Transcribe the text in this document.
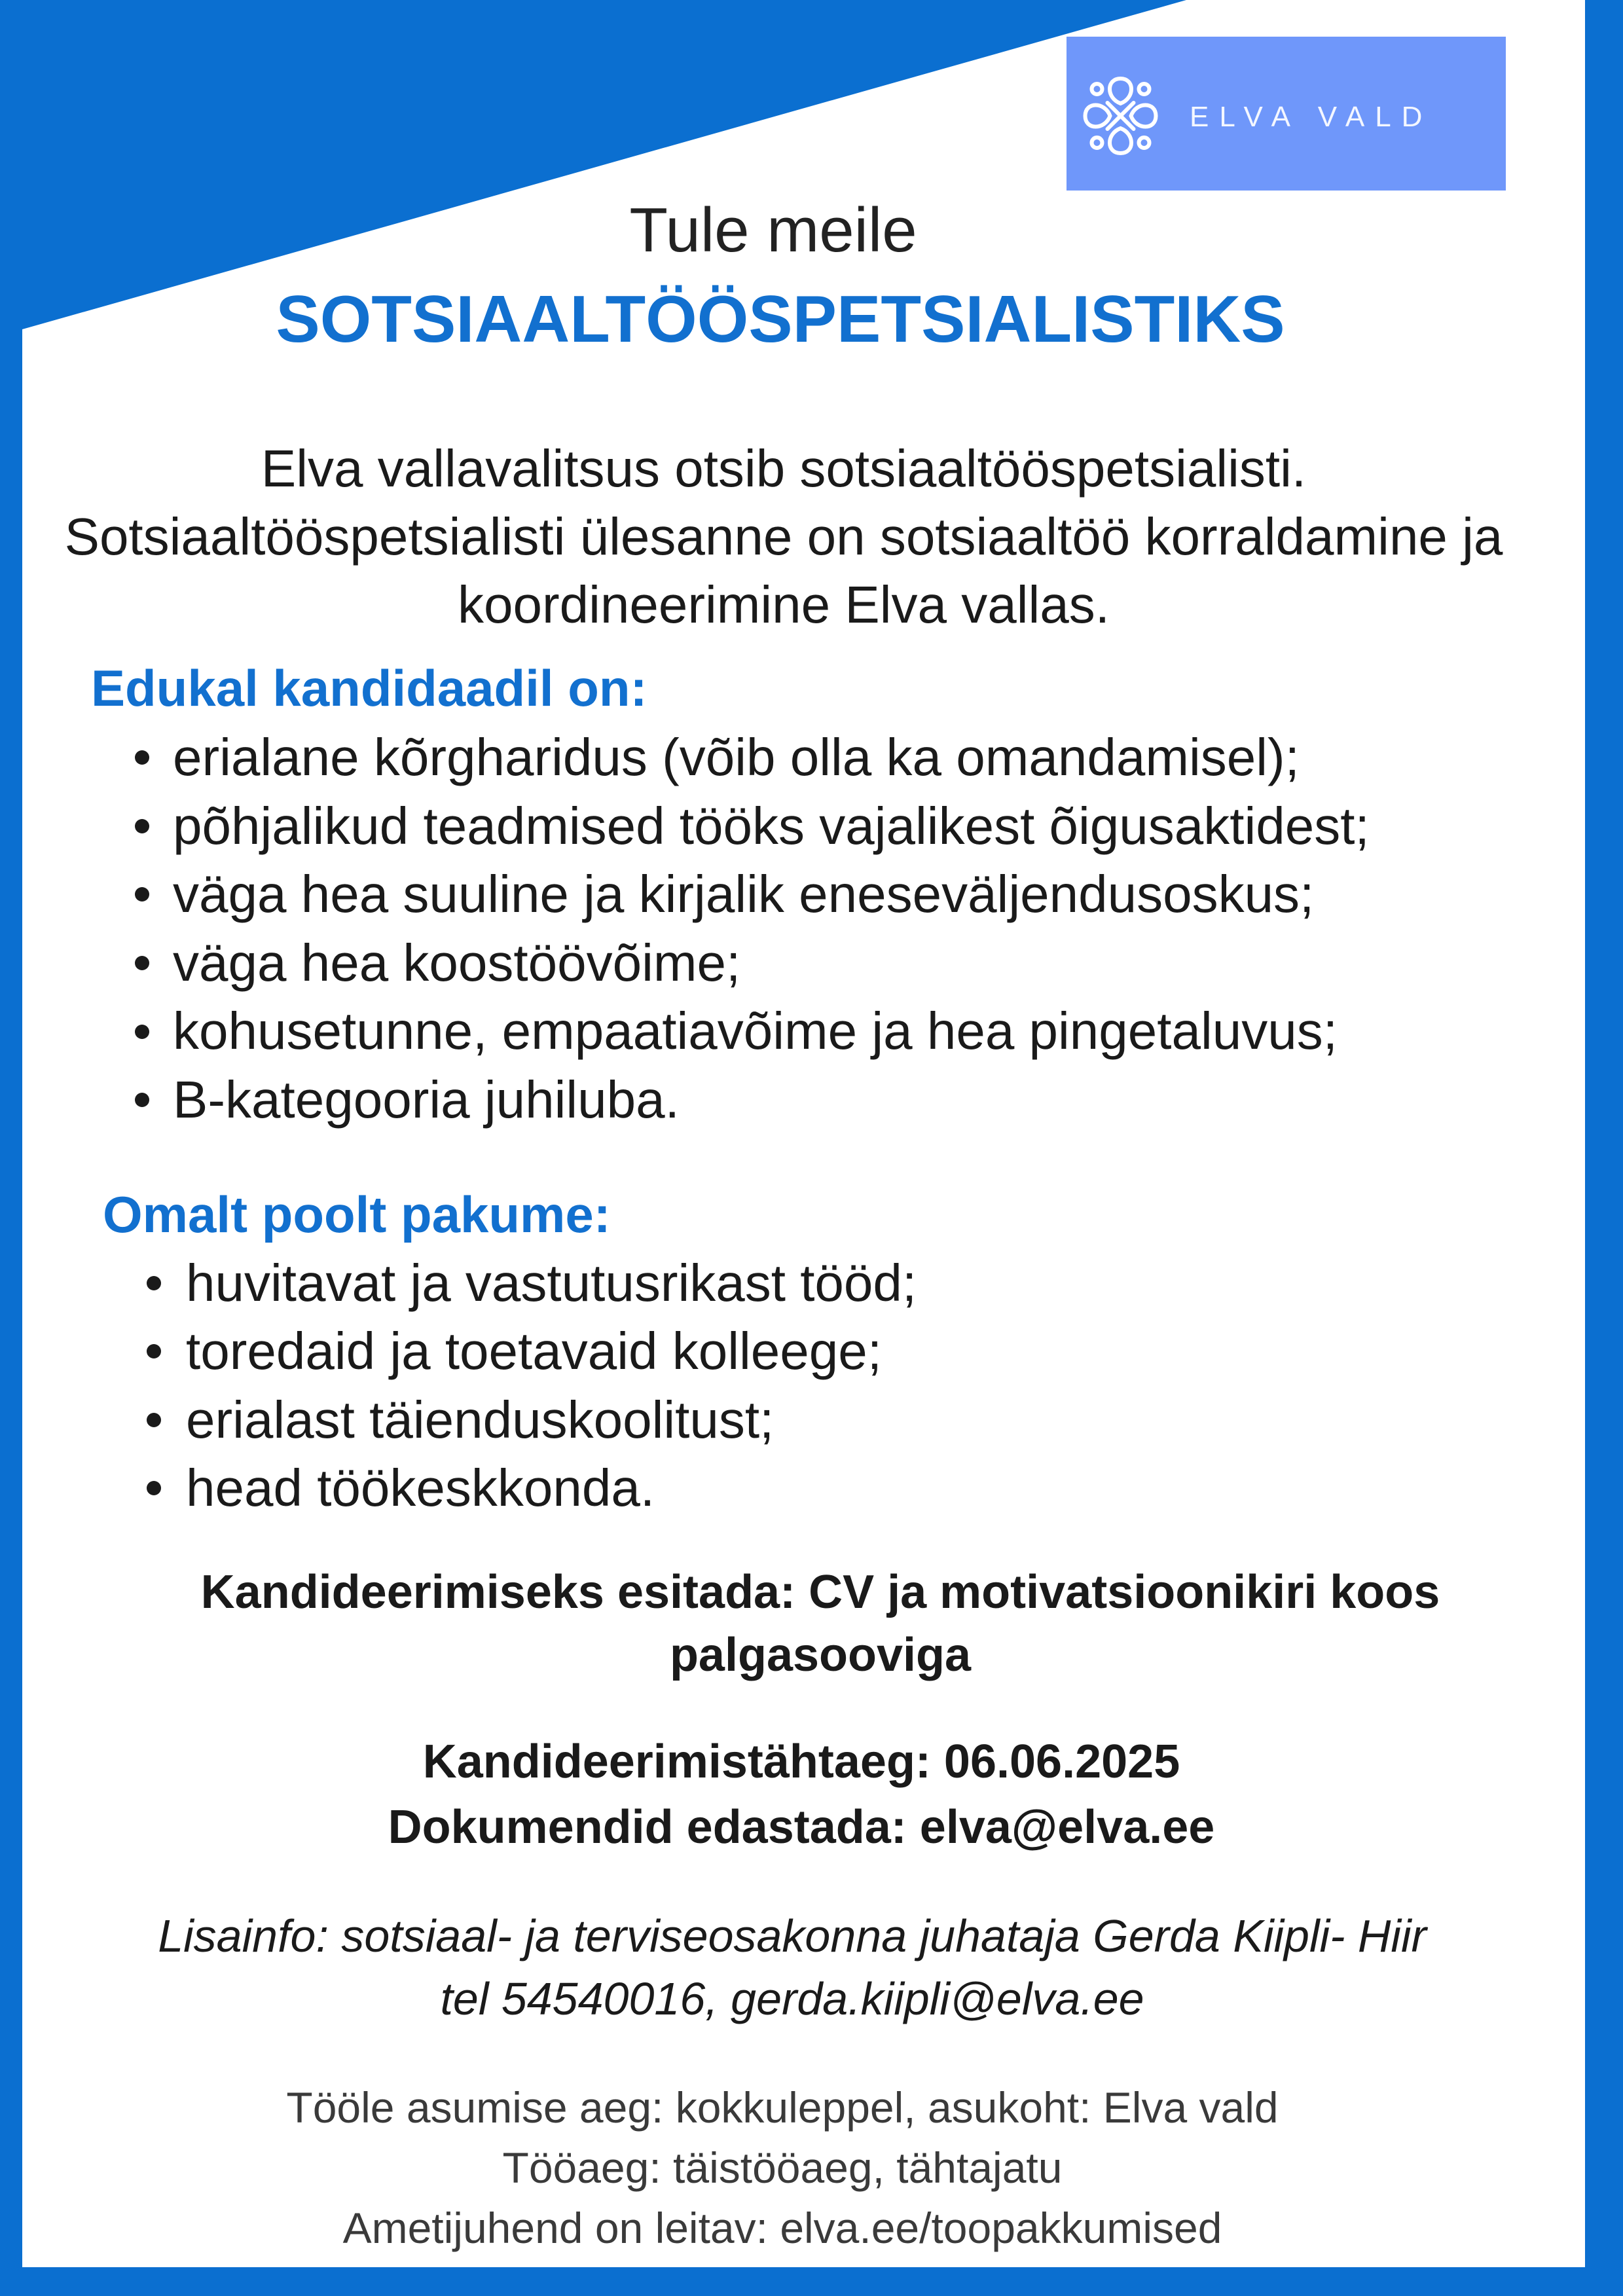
ELVA VALD
Tule meile
SOTSIAALTÖÖSPETSIALISTIKS
Elva vallavalitsus otsib sotsiaaltööspetsialisti.
Sotsiaaltööspetsialisti ülesanne on sotsiaaltöö korraldamine ja
koordineerimine Elva vallas.
Edukal kandidaadil on:
erialane kõrgharidus (võib olla ka omandamisel);
põhjalikud teadmised tööks vajalikest õigusaktidest;
väga hea suuline ja kirjalik eneseväljendusoskus;
väga hea koostöövõime;
kohusetunne, empaatiavõime ja hea pingetaluvus;
B-kategooria juhiluba.
Omalt poolt pakume:
huvitavat ja vastutusrikast tööd;
toredaid ja toetavaid kolleege;
erialast täienduskoolitust;
head töökeskkonda.
Kandideerimiseks esitada: CV ja motivatsioonikiri koos
palgasooviga
Kandideerimistähtaeg: 06.06.2025
Dokumendid edastada: elva@elva.ee
Lisainfo: sotsiaal- ja terviseosakonna juhataja Gerda Kiipli- Hiir
tel 54540016, gerda.kiipli@elva.ee
Tööle asumise aeg: kokkuleppel, asukoht: Elva vald
Tööaeg: täistööaeg, tähtajatu
Ametijuhend on leitav: elva.ee/toopakkumised
